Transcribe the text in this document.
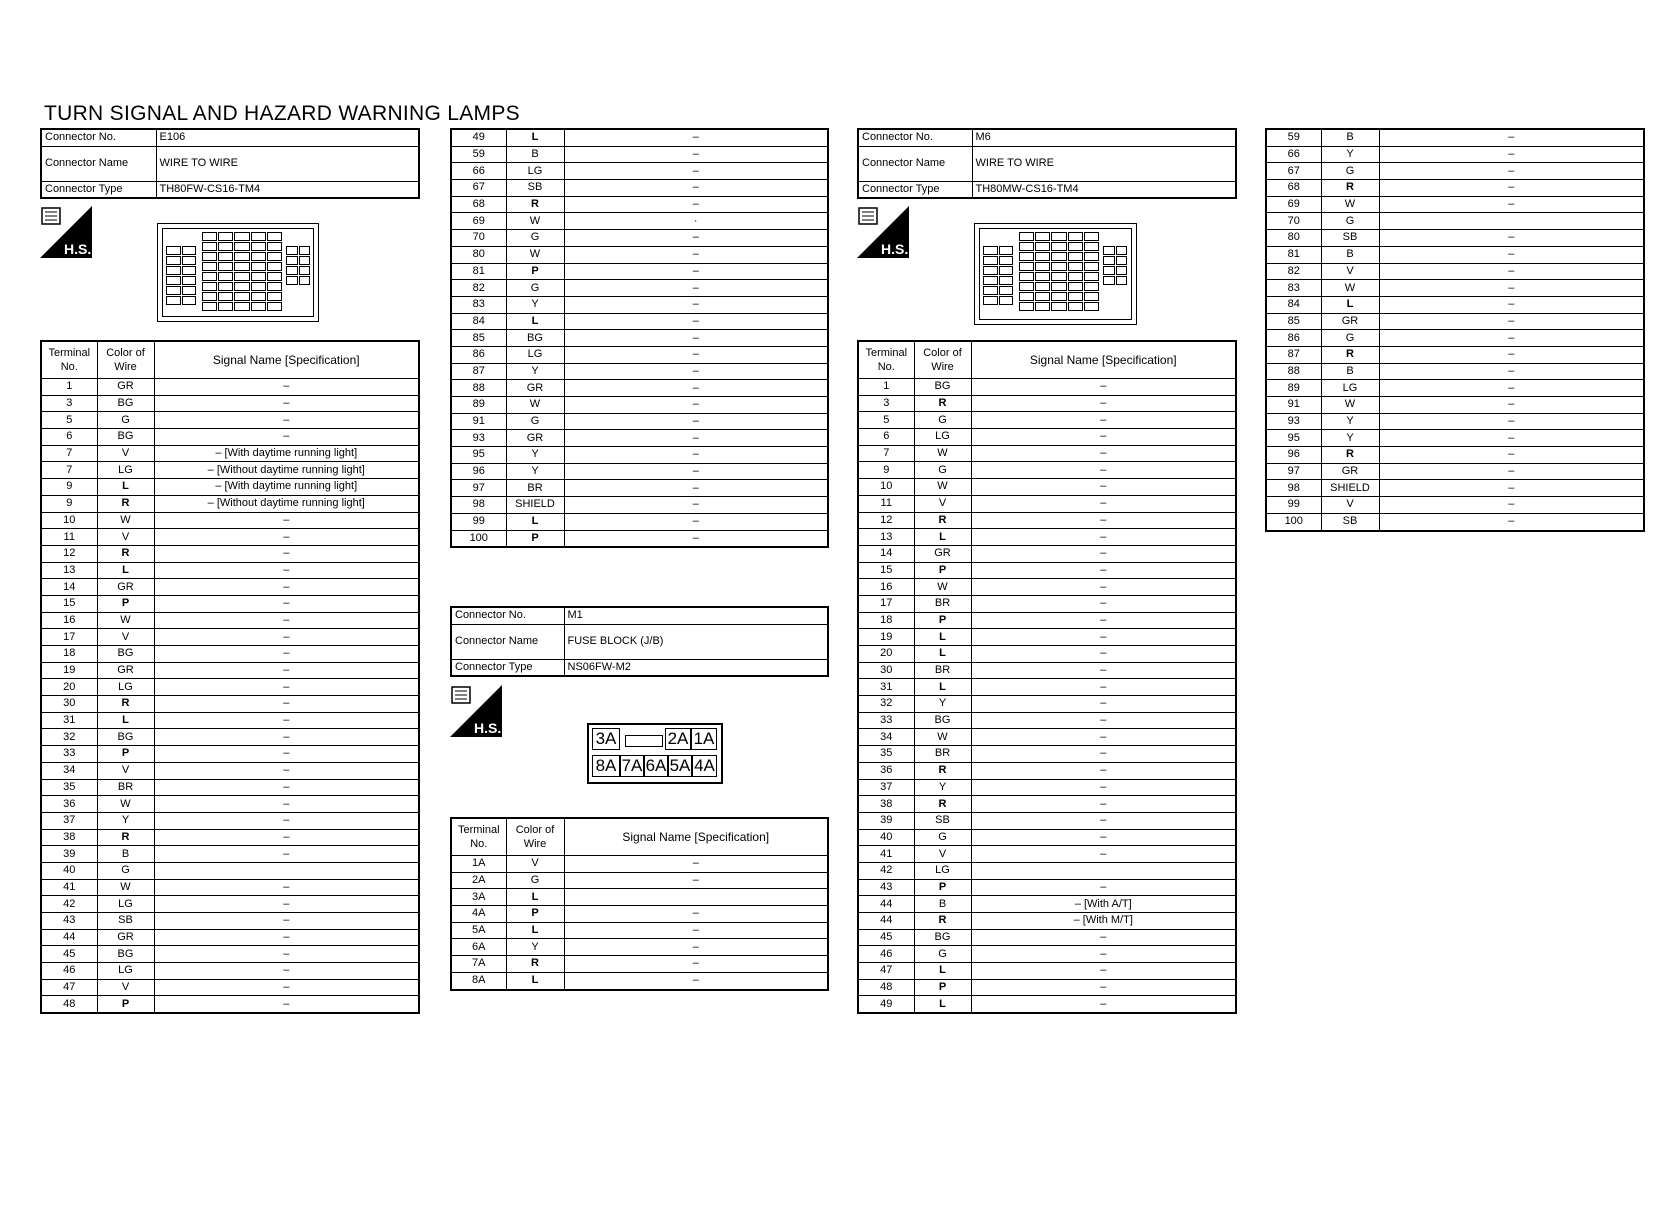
TURN SIGNAL AND HAZARD WARNING LAMPS
Connector No.	E106
Connector Name	WIRE TO WIRE
Connector Type	TH80FW-CS16-TM4
H.S.
Terminal No.	Color of Wire	Signal Name [Specification]
1	GR	–
3	BG	–
5	G	–
6	BG	–
7	V	– [With daytime running light]
7	LG	– [Without daytime running light]
9	L	– [With daytime running light]
9	R	– [Without daytime running light]
10	W	–
11	V	–
12	R	–
13	L	–
14	GR	–
15	P	–
16	W	–
17	V	–
18	BG	–
19	GR	–
20	LG	–
30	R	–
31	L	–
32	BG	–
33	P	–
34	V	–
35	BR	–
36	W	–
37	Y	–
38	R	–
39	B	–
40	G	
41	W	–
42	LG	–
43	SB	–
44	GR	–
45	BG	–
46	LG	–
47	V	–
48	P	–
49	L	–
59	B	–
66	LG	–
67	SB	–
68	R	–
69	W	·
70	G	–
80	W	–
81	P	–
82	G	–
83	Y	–
84	L	–
85	BG	–
86	LG	–
87	Y	–
88	GR	–
89	W	–
91	G	–
93	GR	–
95	Y	–
96	Y	–
97	BR	–
98	SHIELD	–
99	L	–
100	P	–
Connector No.	M1
Connector Name	FUSE BLOCK (J/B)
Connector Type	NS06FW-M2
H.S.
3A	2A 1A
8A 7A 6A 5A 4A
Terminal No.	Color of Wire	Signal Name [Specification]
1A	V	–
2A	G	–
3A	L	
4A	P	–
5A	L	–
6A	Y	–
7A	R	–
8A	L	–
Connector No.	M6
Connector Name	WIRE TO WIRE
Connector Type	TH80MW-CS16-TM4
H.S.
Terminal No.	Color of Wire	Signal Name [Specification]
1	BG	–
3	R	–
5	G	–
6	LG	–
7	W	–
9	G	–
10	W	–
11	V	–
12	R	–
13	L	–
14	GR	–
15	P	–
16	W	–
17	BR	–
18	P	–
19	L	–
20	L	–
30	BR	–
31	L	–
32	Y	–
33	BG	–
34	W	–
35	BR	–
36	R	–
37	Y	–
38	R	–
39	SB	–
40	G	–
41	V	–
42	LG	
43	P	–
44	B	– [With A/T]
44	R	– [With M/T]
45	BG	–
46	G	–
47	L	–
48	P	–
49	L	–
59	B	–
66	Y	–
67	G	–
68	R	–
69	W	–
70	G	
80	SB	–
81	B	–
82	V	–
83	W	–
84	L	–
85	GR	–
86	G	–
87	R	–
88	B	–
89	LG	–
91	W	–
93	Y	–
95	Y	–
96	R	–
97	GR	–
98	SHIELD	–
99	V	–
100	SB	–
